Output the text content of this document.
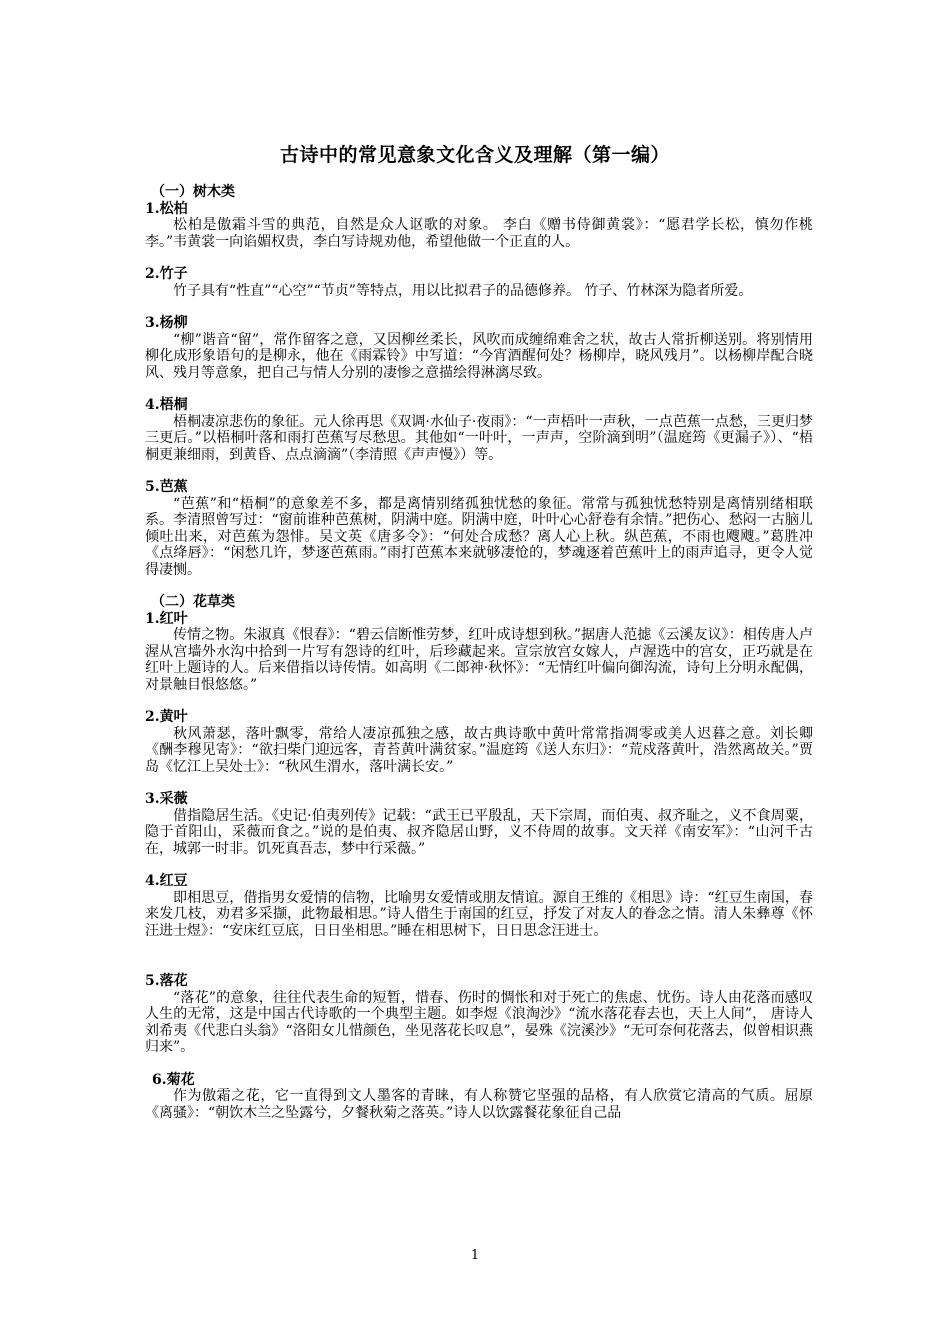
古诗中的常见意象文化含义及理解（第一编）
（一）树木类
1.松柏

松柏是傲霜斗雪的典范，自然是众人讴歌的对象。 李白《赠书侍御黄裳》：“愿君学长松，慎勿作桃李。”韦黄裳一向谄媚权贵，李白写诗规劝他，希望他做一个正直的人。

2.竹子

竹子具有“性直”“心空”“节贞”等特点，用以比拟君子的品德修养。 竹子、竹林深为隐者所爱。

3.杨柳

“柳”谐音“留”，常作留客之意，又因柳丝柔长，风吹而成缠绵难舍之状，故古人常折柳送别。将别情用柳化成形象语句的是柳永，他在《雨霖铃》中写道：“今宵酒醒何处？杨柳岸，晓风残月”。以杨柳岸配合晓风、残月等意象，把自己与情人分别的凄惨之意描绘得淋漓尽致。

4.梧桐

梧桐凄凉悲伤的象征。元人徐再思《双调·水仙子·夜雨》：“一声梧叶一声秋，一点芭蕉一点愁，三更归梦三更后。”以梧桐叶落和雨打芭蕉写尽愁思。其他如“一叶叶，一声声，空阶滴到明”（温庭筠《更漏子》）、“梧桐更兼细雨，到黄昏、点点滴滴”（李清照《声声慢》）等。

5.芭蕉

“芭蕉”和“梧桐”的意象差不多，都是离情别绪孤独忧愁的象征。常常与孤独忧愁特别是离情别绪相联系。李清照曾写过：“窗前谁种芭蕉树，阴满中庭。阴满中庭，叶叶心心舒卷有余情。”把伤心、愁闷一古脑儿倾吐出来，对芭蕉为怨悱。吴文英《唐多令》：“何处合成愁？离人心上秋。纵芭蕉，不雨也飕飕。”葛胜冲《点绛唇》：“闲愁几许，梦逐芭蕉雨。”雨打芭蕉本来就够凄怆的，梦魂逐着芭蕉叶上的雨声追寻，更令人觉得凄恻。

（二）花草类
1.红叶

传情之物。朱淑真《恨春》：“碧云信断惟劳梦，红叶成诗想到秋。”据唐人范摅《云溪友议》：相传唐人卢渥从宫墙外水沟中拾到一片写有怨诗的红叶，后珍藏起来。宣宗放宫女嫁人，卢渥选中的宫女，正巧就是在红叶上题诗的人。后来借指以诗传情。如高明《二郎神·秋怀》：“无情红叶偏向御沟流，诗句上分明永配偶，对景触目恨悠悠。”

2.黄叶

秋风萧瑟，落叶飘零，常给人凄凉孤独之感，故古典诗歌中黄叶常常指凋零或美人迟暮之意。刘长卿《酬李穆见寄》：“欲扫柴门迎远客，青苔黄叶满贫家。”温庭筠《送人东归》：“荒戍落黄叶，浩然离故关。”贾岛《忆江上吴处士》：“秋风生渭水，落叶满长安。”

3.采薇

借指隐居生活。《史记·伯夷列传》记载：“武王已平殷乱，天下宗周，而伯夷、叔齐耻之，义不食周粟，隐于首阳山，采薇而食之。”说的是伯夷、叔齐隐居山野，义不侍周的故事。文天祥《南安军》：“山河千古在，城郭一时非。饥死真吾志，梦中行采薇。”

4.红豆

即相思豆，借指男女爱情的信物，比喻男女爱情或朋友情谊。源自王维的《相思》诗：“红豆生南国，春来发几枝，劝君多采撷，此物最相思。”诗人借生于南国的红豆，抒发了对友人的眷念之情。清人朱彝尊《怀汪进士煜》：“安床红豆底，日日坐相思。”睡在相思树下，日日思念汪进士。

5.落花

“落花”的意象，往往代表生命的短暂，惜春、伤时的惆怅和对于死亡的焦虑、忧伤。诗人由花落而感叹人生的无常，这是中国古代诗歌的一个典型主题。如李煜《浪淘沙》“流水落花春去也，天上人间”， 唐诗人刘希夷《代悲白头翁》“洛阳女儿惜颜色，坐见落花长叹息”，晏殊《浣溪沙》“无可奈何花落去，似曾相识燕归来”。

6.菊花

作为傲霜之花，它一直得到文人墨客的青睐，有人称赞它坚强的品格，有人欣赏它清高的气质。屈原《离骚》：“朝饮木兰之坠露兮，夕餐秋菊之落英。”诗人以饮露餐花象征自己品

1
